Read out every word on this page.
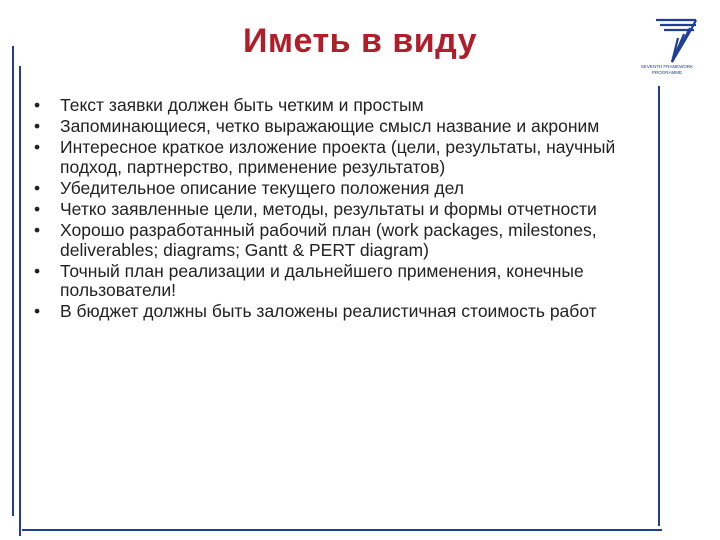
Иметь в виду
SEVENTH FRAMEWORK
PROGRAMME
• Текст заявки должен быть четким и простым
• Запоминающиеся, четко выражающие смысл название и акроним
• Интересное краткое изложение проекта (цели, результаты, научный подход, партнерство, применение результатов)
• Убедительное описание текущего положения дел
• Четко заявленные цели, методы, результаты и формы отчетности
• Хорошо разработанный рабочий план (work packages, milestones, deliverables; diagrams; Gantt & PERT diagram)
• Точный план реализации и дальнейшего применения, конечные пользователи!
• В бюджет должны быть заложены реалистичная стоимость работ
